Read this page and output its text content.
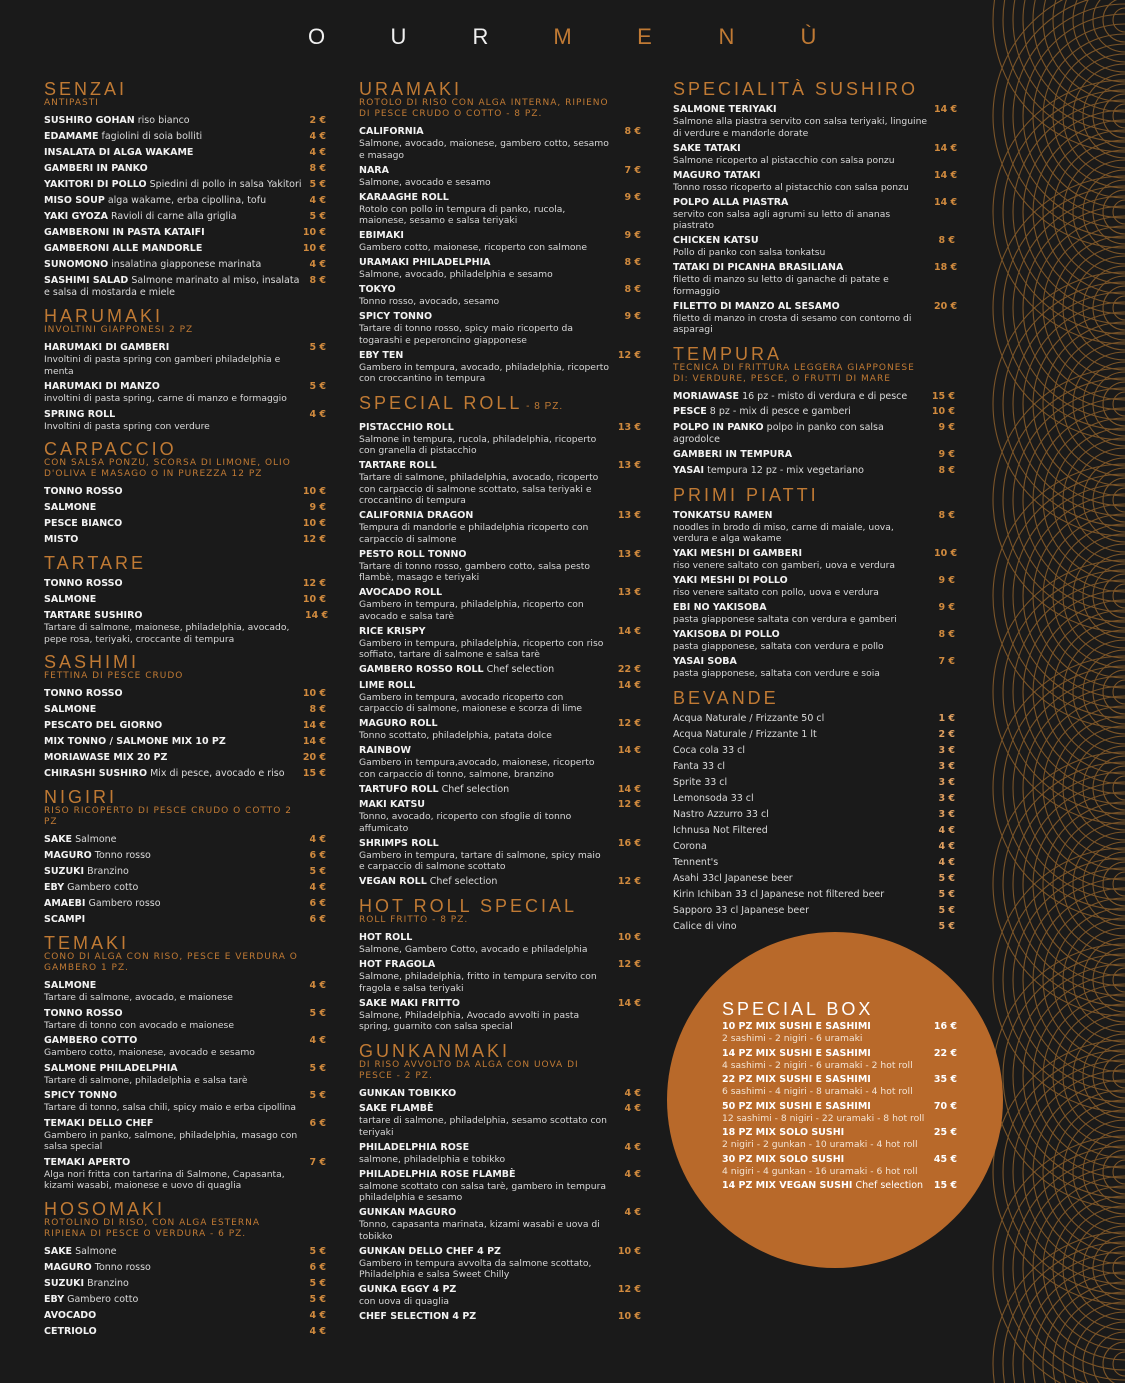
O	U	R	M	E	N	Ù
SENZAI
ANTIPASTI
SUSHIRO GOHAN riso bianco	2 €
EDAMAME fagiolini di soia bolliti	4 €
INSALATA DI ALGA WAKAME	4 €
GAMBERI IN PANKO	8 €
YAKITORI DI POLLO Spiedini di pollo in salsa Yakitori 5 €
MISO SOUP alga wakame, erba cipollina, tofu	4 €
YAKI GYOZA Ravioli di carne alla griglia	5 €
GAMBERONI IN PASTA KATAIFI	10 €
GAMBERONI ALLE MANDORLE	10 €
SUNOMONO insalatina giapponese marinata	4 €
SASHIMI SALAD Salmone marinato al miso, insalata e salsa di mostarda e miele
8 €
HARUMAKI
INVOLTINI GIAPPONESI 2 PZ
HARUMAKI DI GAMBERI
Involtini di pasta spring con gamberi philadelphia e menta
5 €
HARUMAKI DI MANZO
involtini di pasta spring, carne di manzo e formaggio
5 €
SPRING ROLL
Involtini di pasta spring con verdure
4 €
CARPACCIO
CON SALSA PONZU, SCORSA DI LIMONE, OLIO D'OLIVA E MASAGO O IN PUREZZA 12 PZ
TONNO ROSSO	10 €
SALMONE	9 €
PESCE BIANCO	10 €
MISTO	12 €
TARTARE
TONNO ROSSO	12 €
SALMONE	10 €
TARTARE SUSHIRO
Tartare di salmone, maionese, philadelphia, avocado, pepe rosa, teriyaki, croccante di tempura
14 €
SASHIMI
FETTINA DI PESCE CRUDO
TONNO ROSSO	10 €
SALMONE	8 €
PESCATO DEL GIORNO	14 €
MIX TONNO / SALMONE MIX 10 PZ	14 €
MORIAWASE MIX 20 PZ	20 €
CHIRASHI SUSHIRO Mix di pesce, avocado e riso	15 €
NIGIRI
RISO RICOPERTO DI PESCE CRUDO O COTTO 2 PZ
SAKE Salmone	4 €
MAGURO Tonno rosso	6 €
SUZUKI Branzino	5 €
EBY Gambero cotto	4 €
AMAEBI Gambero rosso	6 €
SCAMPI	6 €
TEMAKI
CONO DI ALGA CON RISO, PESCE E VERDURA O GAMBERO 1 PZ.
SALMONE
Tartare di salmone, avocado, e maionese
4 €
TONNO ROSSO
Tartare di tonno con avocado e maionese
5 €
GAMBERO COTTO
Gambero cotto, maionese, avocado e sesamo
4 €
SALMONE PHILADELPHIA
Tartare di salmone, philadelphia e salsa tarè
5 €
SPICY TONNO
Tartare di tonno, salsa chili, spicy maio e erba cipollina
5 €
TEMAKI DELLO CHEF
Gambero in panko, salmone, philadelphia, masago con salsa special
6 €
TEMAKI APERTO
Alga nori fritta con tartarina di Salmone, Capasanta, kizami wasabi, maionese e uovo di quaglia
7 €
HOSOMAKI
ROTOLINO DI RISO, CON ALGA ESTERNA RIPIENA DI PESCE O VERDURA - 6 PZ.
SAKE Salmone	5 €
MAGURO Tonno rosso	6 €
SUZUKI Branzino	5 €
EBY Gambero cotto	5 €
AVOCADO	4 €
CETRIOLO	4 €
URAMAKI
ROTOLO DI RISO CON ALGA INTERNA, RIPIENO DI PESCE CRUDO O COTTO - 8 PZ.
CALIFORNIA
Salmone, avocado, maionese, gambero cotto, sesamo e masago
8 €
NARA
Salmone, avocado e sesamo
7 €
KARAAGHE ROLL
Rotolo con pollo in tempura di panko, rucola, maionese, sesamo e salsa teriyaki
9 €
EBIMAKI
Gambero cotto, maionese, ricoperto con salmone
9 €
URAMAKI PHILADELPHIA
Salmone, avocado, philadelphia e sesamo
8 €
TOKYO
Tonno rosso, avocado, sesamo
8 €
SPICY TONNO
Tartare di tonno rosso, spicy maio ricoperto da togarashi e peperoncino giapponese
9 €
EBY TEN
Gambero in tempura, avocado, philadelphia, ricoperto con croccantino in tempura
12 €
SPECIAL ROLL - 8 PZ.
PISTACCHIO ROLL
Salmone in tempura, rucola, philadelphia, ricoperto con granella di pistacchio
13 €
TARTARE ROLL
Tartare di salmone, philadelphia, avocado, ricoperto con carpaccio di salmone scottato, salsa teriyaki e croccantino di tempura
13 €
CALIFORNIA DRAGON
Tempura di mandorle e philadelphia ricoperto con carpaccio di salmone
13 €
PESTO ROLL TONNO
Tartare di tonno rosso, gambero cotto, salsa pesto flambè, masago e teriyaki
13 €
AVOCADO ROLL
Gambero in tempura, philadelphia, ricoperto con avocado e salsa tarè
13 €
RICE KRISPY
Gambero in tempura, philadelphia, ricoperto con riso soffiato, tartare di salmone e salsa tarè
14 €
GAMBERO ROSSO ROLL Chef selection	22 €
LIME ROLL
Gambero in tempura, avocado ricoperto con carpaccio di salmone, maionese e scorza di lime
14 €
MAGURO ROLL
Tonno scottato, philadelphia, patata dolce
12 €
RAINBOW
Gambero in tempura,avocado, maionese, ricoperto con carpaccio di tonno, salmone, branzino
14 €
TARTUFO ROLL Chef selection	14 €
MAKI KATSU
Tonno, avocado, ricoperto con sfoglie di tonno affumicato
12 €
SHRIMPS ROLL
Gambero in tempura, tartare di salmone, spicy maio e carpaccio di salmone scottato
16 €
VEGAN ROLL Chef selection	12 €
HOT ROLL SPECIAL
ROLL FRITTO - 8 PZ.
HOT ROLL
Salmone, Gambero Cotto, avocado e philadelphia
10 €
HOT FRAGOLA
Salmone, philadelphia, fritto in tempura servito con fragola e salsa teriyaki
12 €
SAKE MAKI FRITTO
Salmone, Philadelphia, Avocado avvolti in pasta spring, guarnito con salsa special
14 €
GUNKANMAKI
DI RISO AVVOLTO DA ALGA CON UOVA DI PESCE - 2 PZ.
GUNKAN TOBIKKO	4 €
SAKE FLAMBÈ
tartare di salmone, philadelphia, sesamo scottato con teriyaki
4 €
PHILADELPHIA ROSE
salmone, philadelphia e tobikko
4 €
PHILADELPHIA ROSE FLAMBÈ
salmone scottato con salsa tarè, gambero in tempura philadelphia e sesamo
4 €
GUNKAN MAGURO
Tonno, capasanta marinata, kizami wasabi e uova di tobikko
4 €
GUNKAN DELLO CHEF 4 PZ
Gambero in tempura avvolta da salmone scottato, Philadelphia e salsa Sweet Chilly
10 €
GUNKA EGGY 4 PZ
con uova di quaglia
12 €
CHEF SELECTION 4 PZ	10 €
SPECIALITÀ SUSHIRO
SALMONE TERIYAKI
Salmone alla piastra servito con salsa teriyaki, linguine di verdure e mandorle dorate
14 €
SAKE TATAKI
Salmone ricoperto al pistacchio con salsa ponzu
14 €
MAGURO TATAKI
Tonno rosso ricoperto al pistacchio con salsa ponzu
14 €
POLPO ALLA PIASTRA
servito con salsa agli agrumi su letto di ananas piastrato
14 €
CHICKEN KATSU
Pollo di panko con salsa tonkatsu
8 €
TATAKI DI PICANHA BRASILIANA
filetto di manzo su letto di ganache di patate e formaggio
18 €
FILETTO DI MANZO AL SESAMO
filetto di manzo in crosta di sesamo con contorno di asparagi
20 €
TEMPURA
TECNICA DI FRITTURA LEGGERA GIAPPONESE DI: VERDURE, PESCE, O FRUTTI DI MARE
MORIAWASE 16 pz - misto di verdura e di pesce	15 €
PESCE 8 pz - mix di pesce e gamberi	10 €
POLPO IN PANKO polpo in panko con salsa agrodolce
9 €
GAMBERI IN TEMPURA	9 €
YASAI tempura 12 pz - mix vegetariano	8 €
PRIMI PIATTI
TONKATSU RAMEN
noodles in brodo di miso, carne di maiale, uova, verdura e alga wakame
8 €
YAKI MESHI DI GAMBERI
riso venere saltato con gamberi, uova e verdura
10 €
YAKI MESHI DI POLLO
riso venere saltato con pollo, uova e verdura
9 €
EBI NO YAKISOBA
pasta giapponese saltata con verdura e gamberi
9 €
YAKISOBA DI POLLO
pasta giapponese, saltata con verdura e pollo
8 €
YASAI SOBA
pasta giapponese, saltata con verdure e soia
7 €
BEVANDE
Acqua Naturale / Frizzante 50 cl	1 €
Acqua Naturale / Frizzante 1 lt	2 €
Coca cola 33 cl	3 €
Fanta 33 cl	3 €
Sprite 33 cl	3 €
Lemonsoda 33 cl	3 €
Nastro Azzurro 33 cl	3 €
Ichnusa Not Filtered	4 €
Corona	4 €
Tennent's	4 €
Asahi 33cl Japanese beer	5 €
Kirin Ichiban 33 cl Japanese not filtered beer	5 €
Sapporo 33 cl Japanese beer	5 €
Calice di vino	5 €
SPECIAL BOX
10 PZ MIX SUSHI E SASHIMI
2 sashimi - 2 nigiri - 6 uramaki
16 €
14 PZ MIX SUSHI E SASHIMI
4 sashimi - 2 nigiri - 6 uramaki - 2 hot roll
22 €
22 PZ MIX SUSHI E SASHIMI
6 sashimi - 4 nigiri - 8 uramaki - 4 hot roll
35 €
50 PZ MIX SUSHI E SASHIMI
12 sashimi - 8 nigiri - 22 uramaki - 8 hot roll
70 €
18 PZ MIX SOLO SUSHI
2 nigiri - 2 gunkan - 10 uramaki - 4 hot roll
25 €
30 PZ MIX SOLO SUSHI
4 nigiri - 4 gunkan - 16 uramaki - 6 hot roll
45 €
14 PZ MIX VEGAN SUSHI Chef selection	15 €
